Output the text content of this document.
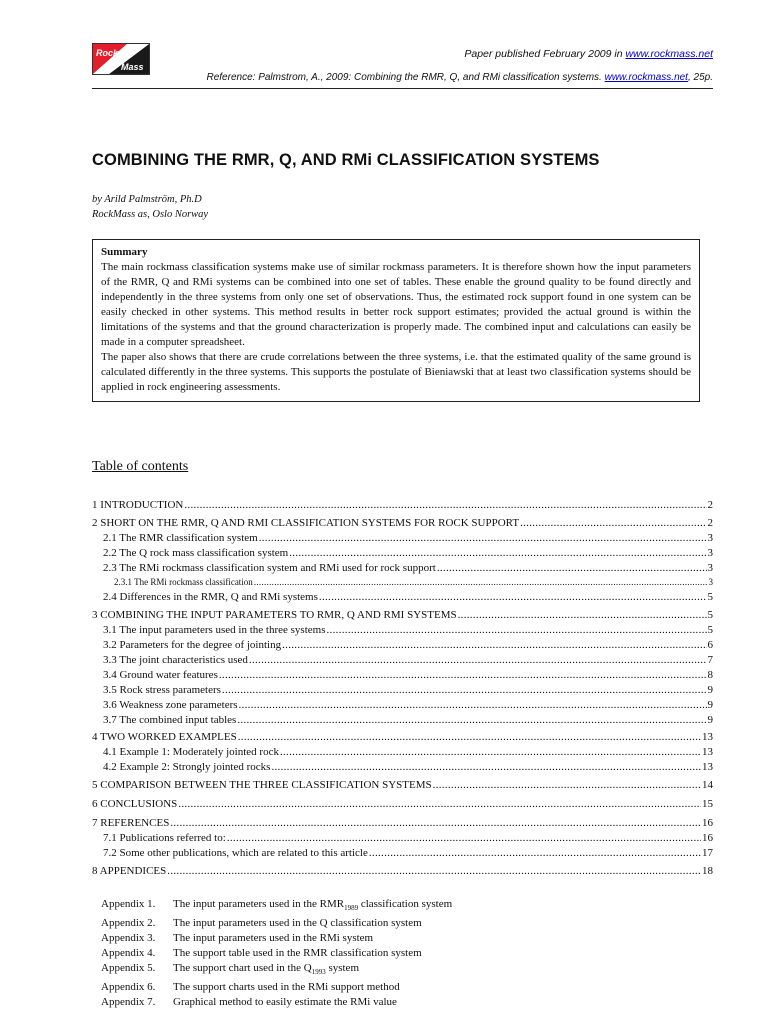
Rock
Mass
Paper published February 2009 in www.rockmass.net
Reference: Palmstrom, A., 2009: Combining the RMR, Q, and RMi classification systems. www.rockmass.net, 25p.
COMBINING THE RMR, Q, AND RMi CLASSIFICATION SYSTEMS
by Arild Palmström, Ph.D
RockMass as, Oslo Norway
Summary
The main rockmass classification systems make use of similar rockmass parameters. It is therefore shown how the input parameters of the RMR, Q and RMi systems can be combined into one set of tables. These enable the ground quality to be found directly and independently in the three systems from only one set of observations. Thus, the estimated rock support found in one system can be easily checked in other systems. This method results in better rock support estimates; provided the actual ground is within the limitations of the systems and that the ground characterization is properly made. The combined input and calculations can easily be made in a computer spreadsheet.
The paper also shows that there are crude correlations between the three systems, i.e. that the estimated quality of the same ground is calculated differently in the three systems. This supports the postulate of Bieniawski that at least two classification systems should be applied in rock engineering assessments.
Table of contents
1 INTRODUCTION .....	2
2 SHORT ON THE RMR, Q AND RMI CLASSIFICATION SYSTEMS FOR ROCK SUPPORT .....	2
2.1 The RMR classification system .....	3
2.2 The Q rock mass classification system .....	3
2.3 The RMi rockmass classification system and RMi used for rock support .....	3
2.3.1 The RMi rockmass classification .....	3
2.4 Differences in the RMR, Q and RMi systems .....	5
3 COMBINING THE INPUT PARAMETERS TO RMR, Q AND RMI SYSTEMS .....	5
3.1 The input parameters used in the three systems .....	5
3.2 Parameters for the degree of jointing .....	6
3.3 The joint characteristics used .....	7
3.4 Ground water features .....	8
3.5 Rock stress parameters .....	9
3.6 Weakness zone parameters .....	9
3.7 The combined input tables .....	9
4 TWO WORKED EXAMPLES .....	13
4.1 Example 1: Moderately jointed rock .....	13
4.2 Example 2: Strongly jointed rocks .....	13
5 COMPARISON BETWEEN THE THREE CLASSIFICATION SYSTEMS .....	14
6 CONCLUSIONS .....	15
7 REFERENCES .....	16
7.1 Publications referred to: .....	16
7.2 Some other publications, which are related to this article .....	17
8 APPENDICES .....	18
Appendix 1. The input parameters used in the $RMR_{1989}$ classification system
Appendix 2. The input parameters used in the Q classification system
Appendix 3. The input parameters used in the RMi system
Appendix 4. The support table used in the RMR classification system
Appendix 5. The support chart used in the $Q_{1993}$ system
Appendix 6. The support charts used in the RMi support method
Appendix 7. Graphical method to easily estimate the RMi value
